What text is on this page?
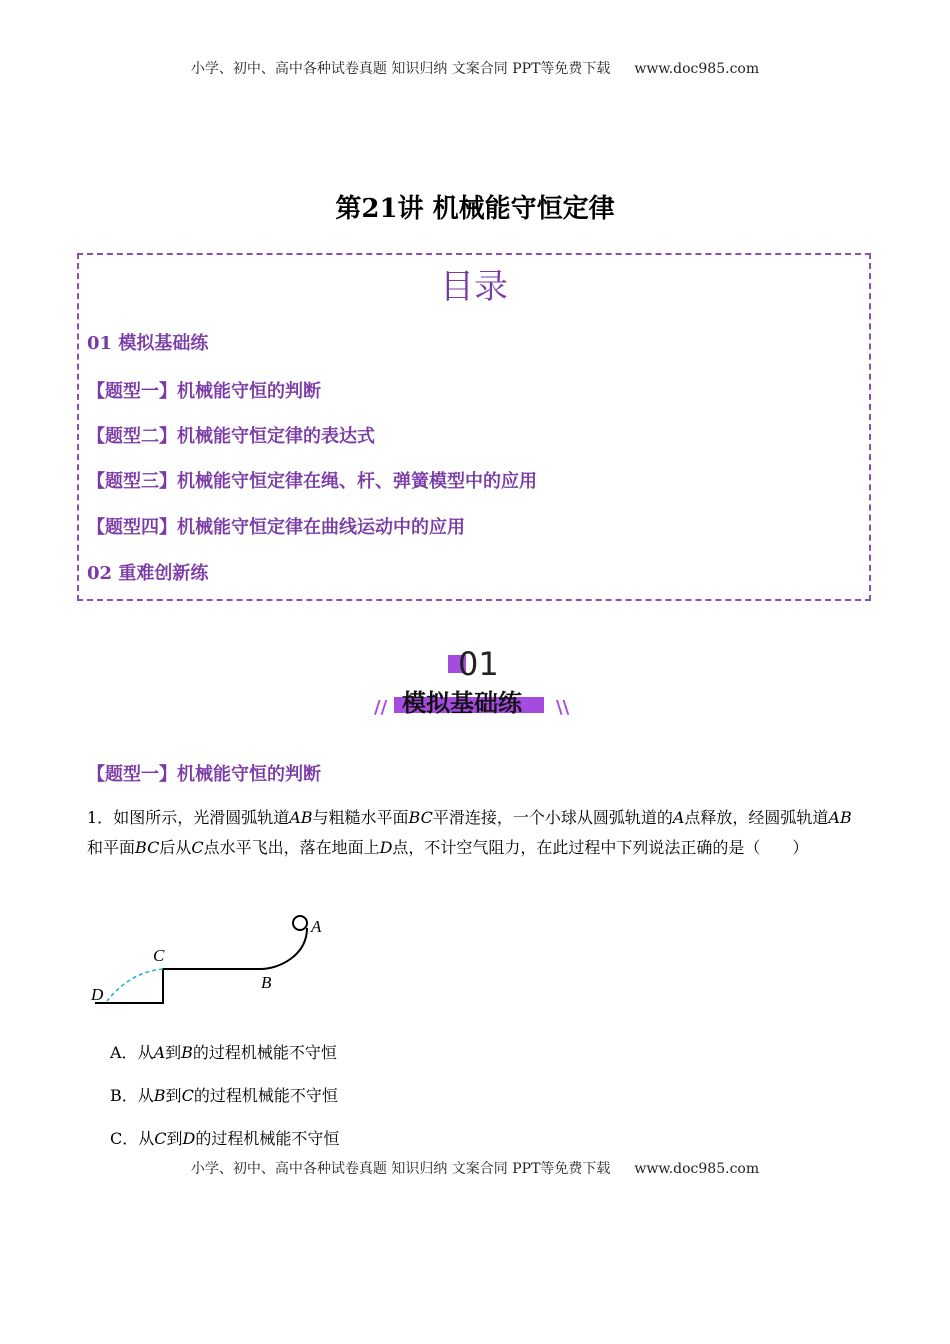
小学、初中、高中各种试卷真题 知识归纳 文案合同 PPT等免费下载 www.doc985.com
第21讲 机械能守恒定律
目录
01 模拟基础练
【题型一】机械能守恒的判断
【题型二】机械能守恒定律的表达式
【题型三】机械能守恒定律在绳、杆、弹簧模型中的应用
【题型四】机械能守恒定律在曲线运动中的应用
02 重难创新练
01
模拟基础练
//	\\
【题型一】机械能守恒的判断
1．如图所示，光滑圆弧轨道AB与粗糙水平面BC平滑连接，一个小球从圆弧轨道的A点释放，经圆弧轨道AB和平面BC后从C点水平飞出，落在地面上D点，不计空气阻力，在此过程中下列说法正确的是（　　）
A
C
B
D
A．从A到B的过程机械能不守恒
B．从B到C的过程机械能不守恒
C．从C到D的过程机械能不守恒
小学、初中、高中各种试卷真题 知识归纳 文案合同 PPT等免费下载 www.doc985.com
